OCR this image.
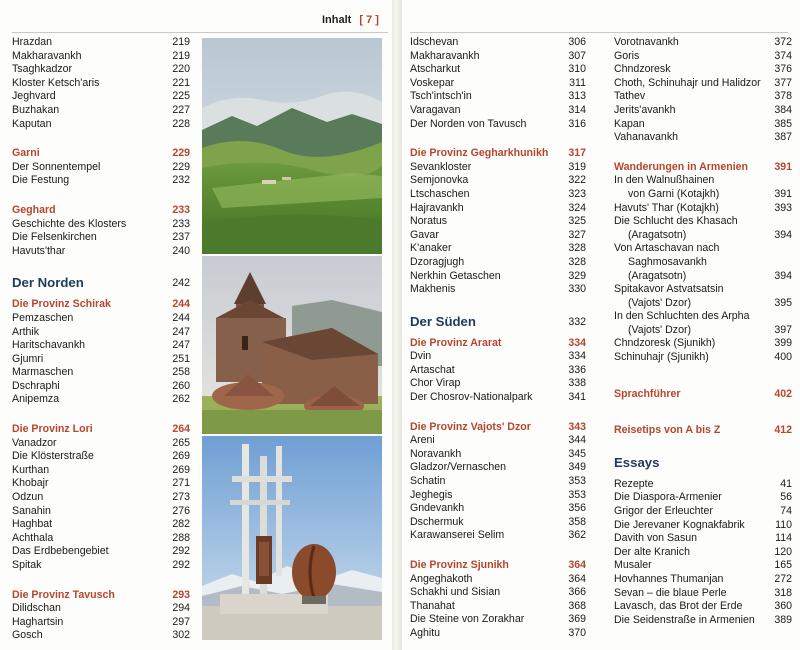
Inhalt [ 7 ]
Hrazdan	219
Makharavankh	219
Tsaghkadzor	220
Kloster Ketsch'aris	221
Jeghvard	225
Buzhakan	227
Kaputan	228
Garni	229
Der Sonnentempel	229
Die Festung	232
Geghard	233
Geschichte des Klosters	233
Die Felsenkirchen	237
Havuts'thar	240
Der Norden	242
Die Provinz Schirak	244
Pemzaschen	244
Arthik	247
Haritschavankh	247
Gjumri	251
Marmaschen	258
Dschraphi	260
Anipemza	262
Die Provinz Lori	264
Vanadzor	265
Die Klösterstraße	269
Kurthan	269
Khobajr	271
Odzun	273
Sanahin	276
Haghbat	282
Achthala	288
Das Erdbebengebiet	292
Spitak	292
Die Provinz Tavusch	293
Dilidschan	294
Haghartsin	297
Gosch	302
Idschevan	306
Makharavankh	307
Atscharkut	310
Voskepar	311
Tsch'intsch'in	313
Varagavan	314
Der Norden von Tavusch	316
Die Provinz Gegharkhunikh	317
Sevankloster	319
Semjonovka	322
Ltschaschen	323
Hajravankh	324
Noratus	325
Gavar	327
K'anaker	328
Dzoragjugh	328
Nerkhin Getaschen	329
Makhenis	330
Der Süden	332
Die Provinz Ararat	334
Dvin	334
Artaschat	336
Chor Virap	338
Der Chosrov-Nationalpark	341
Die Provinz Vajots' Dzor	343
Areni	344
Noravankh	345
Gladzor/Vernaschen	349
Schatin	353
Jeghegis	353
Gndevankh	356
Dschermuk	358
Karawanserei Selim	362
Die Provinz Sjunikh	364
Angeghakoth	364
Schakhi und Sisian	366
Thanahat	368
Die Steine von Zorakhar	369
Aghitu	370
Vorotnavankh	372
Goris	374
Chndzoresk	376
Choth, Schinuhajr und Halidzor	377
Tathev	378
Jerits'avankh	384
Kapan	385
Vahanavankh	387
Wanderungen in Armenien	391
In den Walnußhainen
von Garni (Kotajkh)	391
Havuts' Thar (Kotajkh)	393
Die Schlucht des Khasach
(Aragatsotn)	394
Von Artaschavan nach
Saghmosavankh
(Aragatsotn)	394
Spitakavor Astvatsatsin
(Vajots' Dzor)	395
In den Schluchten des Arpha
(Vajots' Dzor)	397
Chndzoresk (Sjunikh)	399
Schinuhajr (Sjunikh)	400
Sprachführer	402
Reisetips von A bis Z	412
Essays
Rezepte	41
Die Diaspora-Armenier	56
Grigor der Erleuchter	74
Die Jerevaner Kognakfabrik	110
Davith von Sasun	114
Der alte Kranich	120
Musaler	165
Hovhannes Thumanjan	272
Sevan – die blaue Perle	318
Lavasch, das Brot der Erde	360
Die Seidenstraße in Armenien	389
